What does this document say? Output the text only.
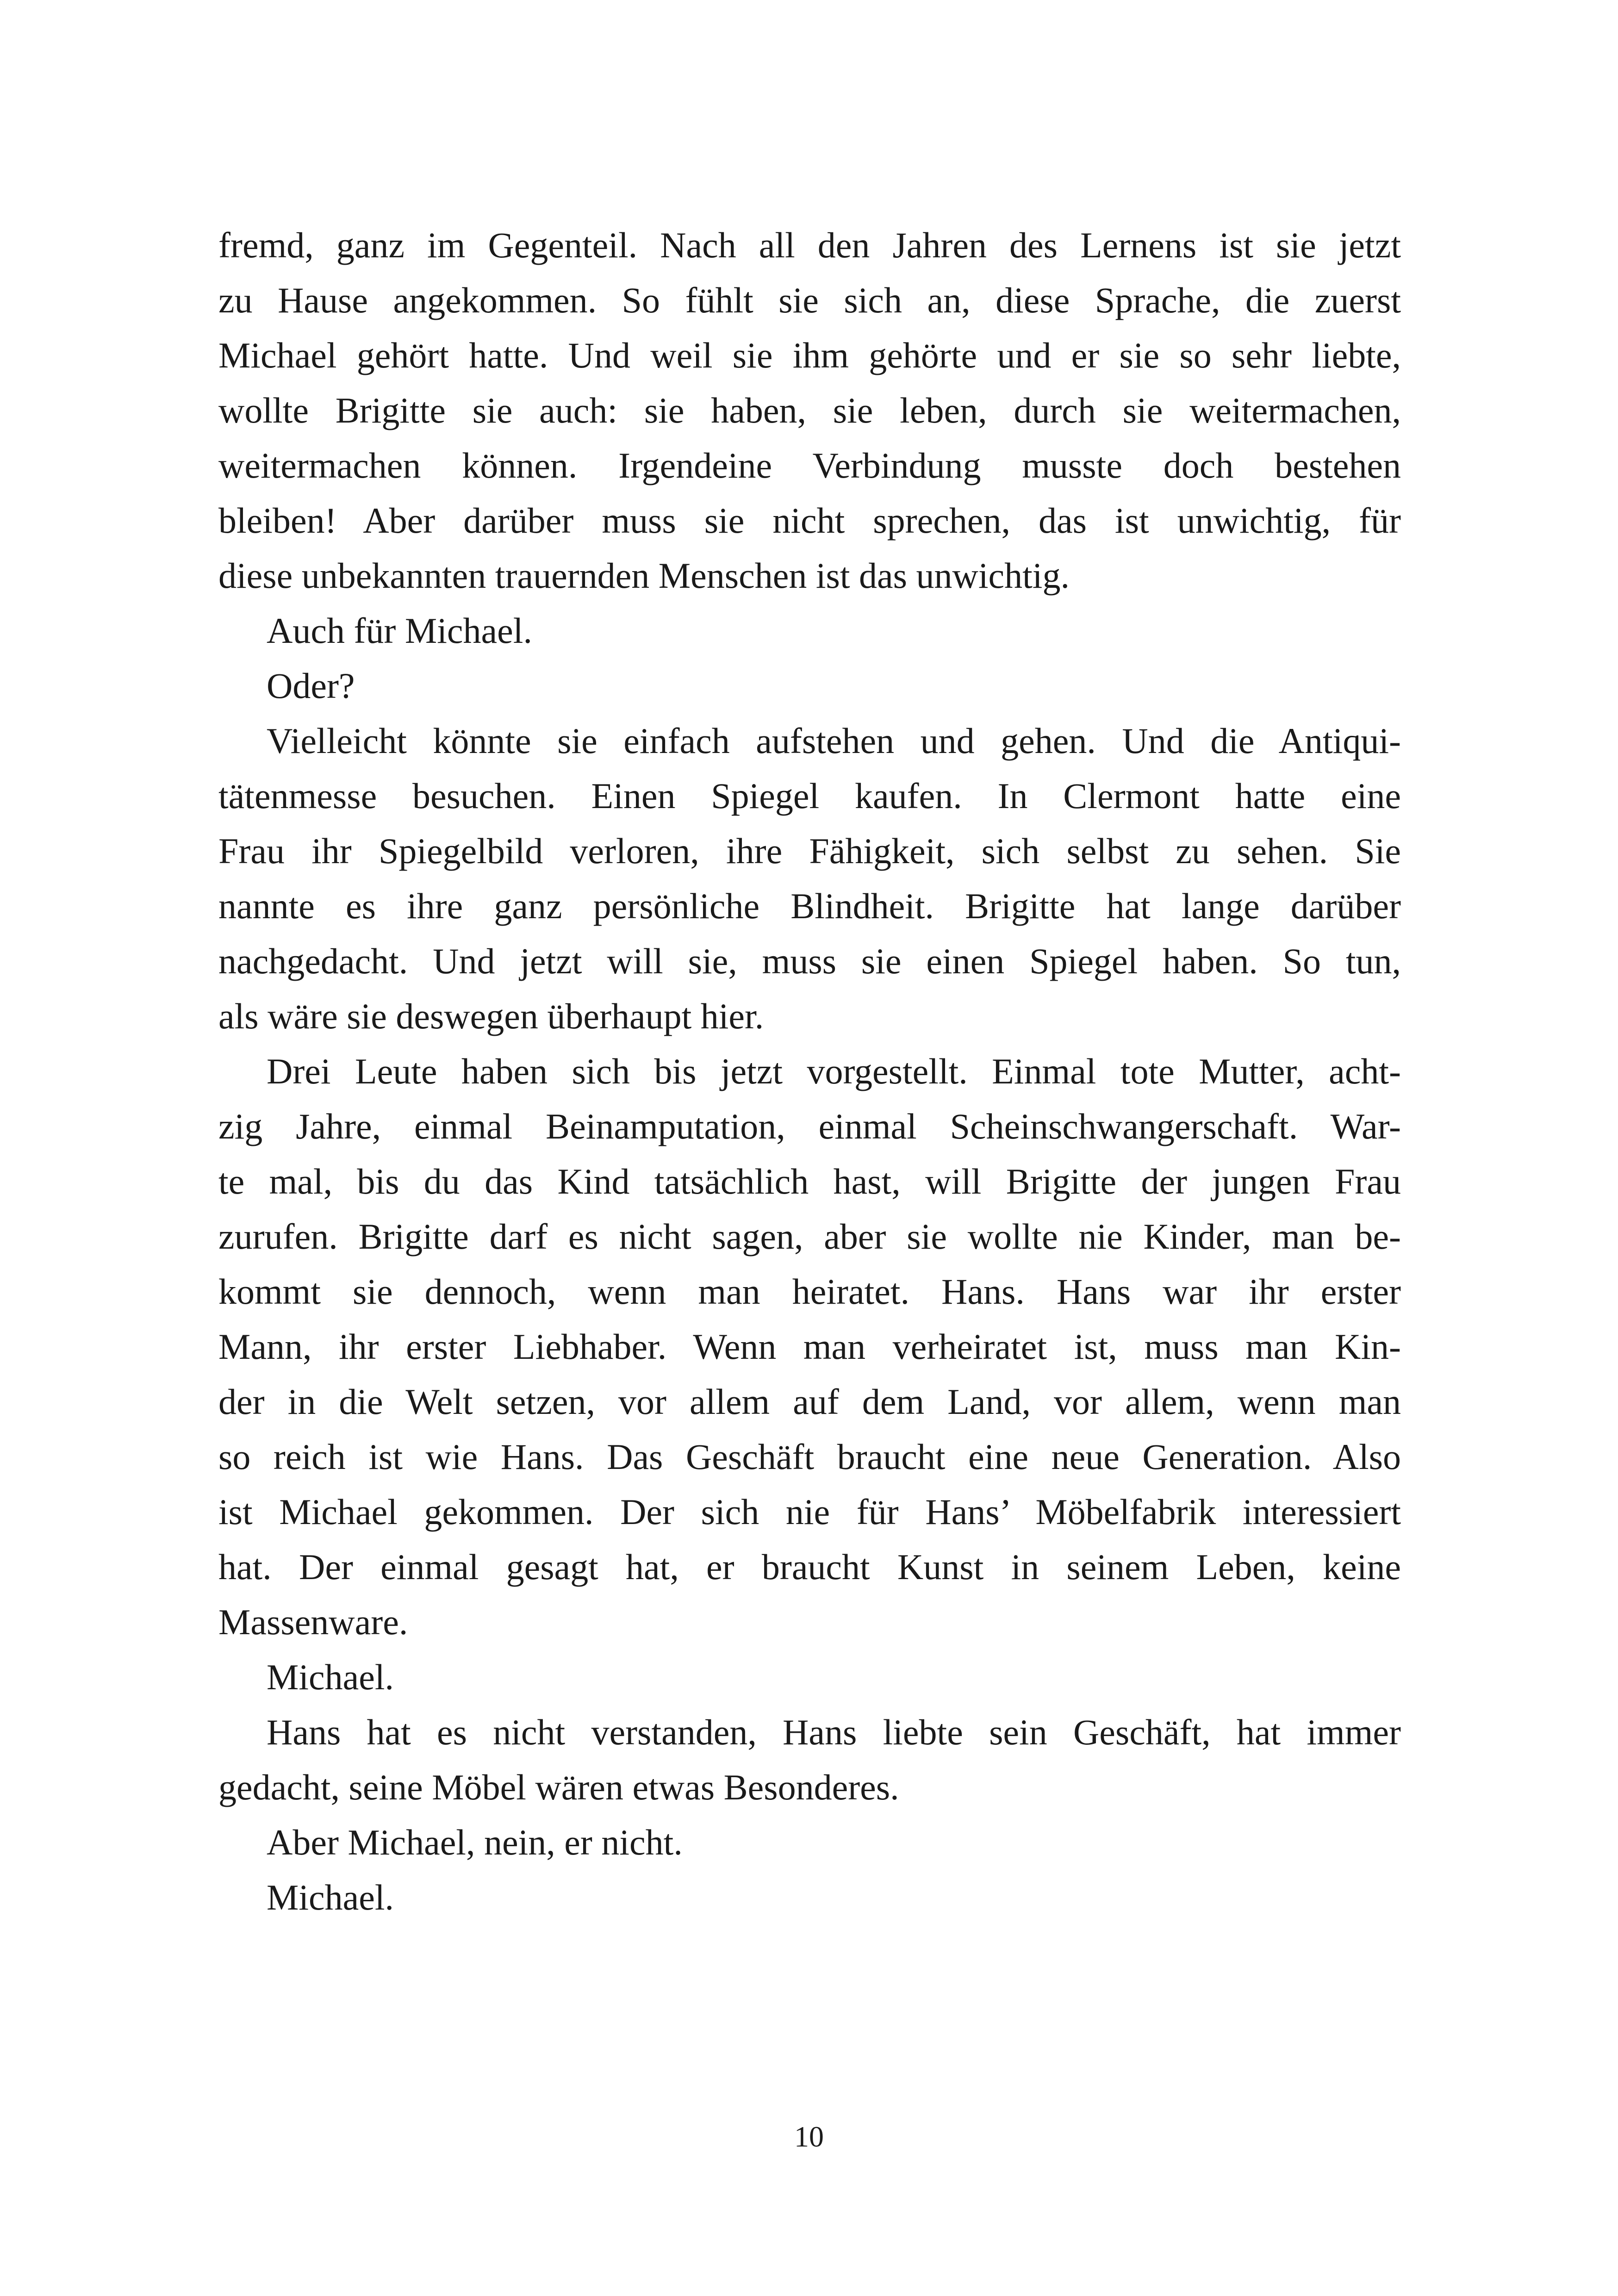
fremd, ganz im Gegenteil. Nach all den Jahren des Lernens ist sie jetzt
zu Hause angekommen. So fühlt sie sich an, diese Sprache, die zuerst
Michael gehört hatte. Und weil sie ihm gehörte und er sie so sehr liebte,
wollte Brigitte sie auch: sie haben, sie leben, durch sie weitermachen,
weitermachen können. Irgendeine Verbindung musste doch bestehen
bleiben! Aber darüber muss sie nicht sprechen, das ist unwichtig, für
diese unbekannten trauernden Menschen ist das unwichtig.
Auch für Michael.
Oder?
Vielleicht könnte sie einfach aufstehen und gehen. Und die Antiqui-
tätenmesse besuchen. Einen Spiegel kaufen. In Clermont hatte eine
Frau ihr Spiegelbild verloren, ihre Fähigkeit, sich selbst zu sehen. Sie
nannte es ihre ganz persönliche Blindheit. Brigitte hat lange darüber
nachgedacht. Und jetzt will sie, muss sie einen Spiegel haben. So tun,
als wäre sie deswegen überhaupt hier.
Drei Leute haben sich bis jetzt vorgestellt. Einmal tote Mutter, acht-
zig Jahre, einmal Beinamputation, einmal Scheinschwangerschaft. War-
te mal, bis du das Kind tatsächlich hast, will Brigitte der jungen Frau
zurufen. Brigitte darf es nicht sagen, aber sie wollte nie Kinder, man be-
kommt sie dennoch, wenn man heiratet. Hans. Hans war ihr erster
Mann, ihr erster Liebhaber. Wenn man verheiratet ist, muss man Kin-
der in die Welt setzen, vor allem auf dem Land, vor allem, wenn man
so reich ist wie Hans. Das Geschäft braucht eine neue Generation. Also
ist Michael gekommen. Der sich nie für Hans’ Möbelfabrik interessiert
hat. Der einmal gesagt hat, er braucht Kunst in seinem Leben, keine
Massenware.
Michael.
Hans hat es nicht verstanden, Hans liebte sein Geschäft, hat immer
gedacht, seine Möbel wären etwas Besonderes.
Aber Michael, nein, er nicht.
Michael.
10
